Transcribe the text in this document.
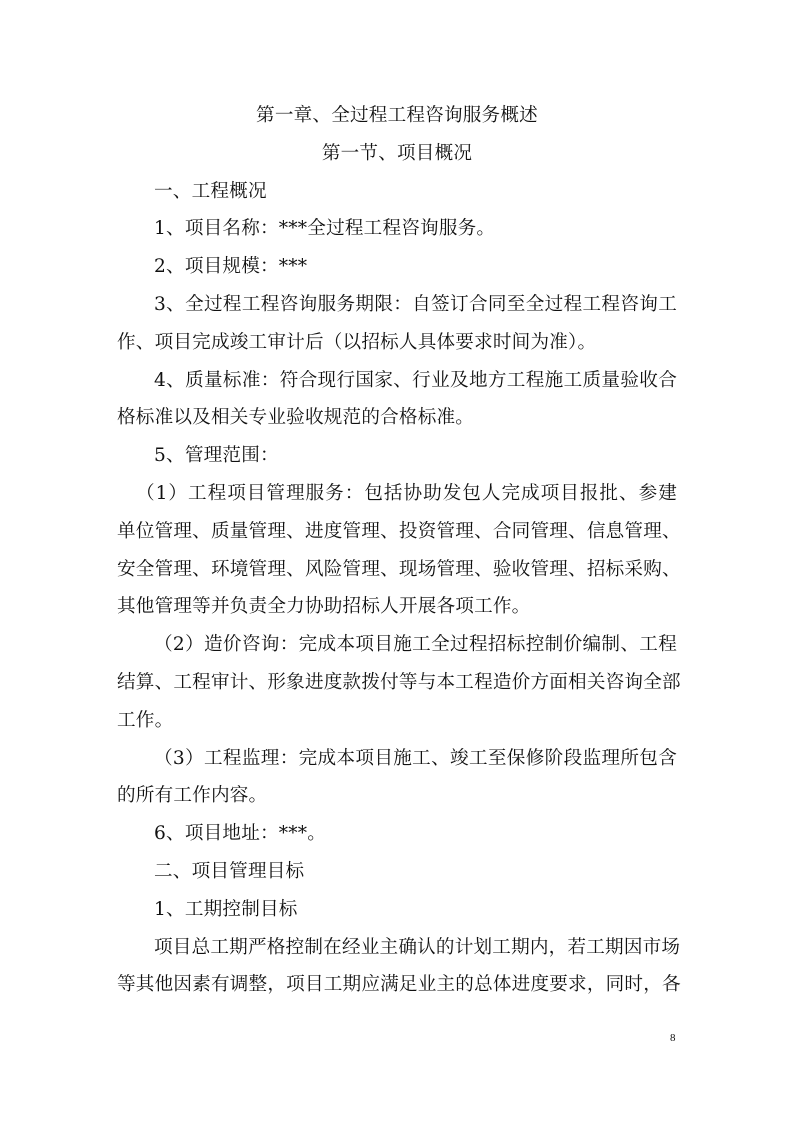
第一章、全过程工程咨询服务概述
第一节、项目概况
一、工程概况
1、项目名称：***全过程工程咨询服务。
2、项目规模：***
3、全过程工程咨询服务期限：自签订合同至全过程工程咨询工
作、项目完成竣工审计后（以招标人具体要求时间为准）。
4、质量标准：符合现行国家、行业及地方工程施工质量验收合
格标准以及相关专业验收规范的合格标准。
5、管理范围：
（1）工程项目管理服务：包括协助发包人完成项目报批、参建
单位管理、质量管理、进度管理、投资管理、合同管理、信息管理、
安全管理、环境管理、风险管理、现场管理、验收管理、招标采购、
其他管理等并负责全力协助招标人开展各项工作。
（2）造价咨询：完成本项目施工全过程招标控制价编制、工程
结算、工程审计、形象进度款拨付等与本工程造价方面相关咨询全部
工作。
（3）工程监理：完成本项目施工、竣工至保修阶段监理所包含
的所有工作内容。
6、项目地址：***。
二、项目管理目标
1、工期控制目标
项目总工期严格控制在经业主确认的计划工期内，若工期因市场
等其他因素有调整，项目工期应满足业主的总体进度要求，同时，各
8
